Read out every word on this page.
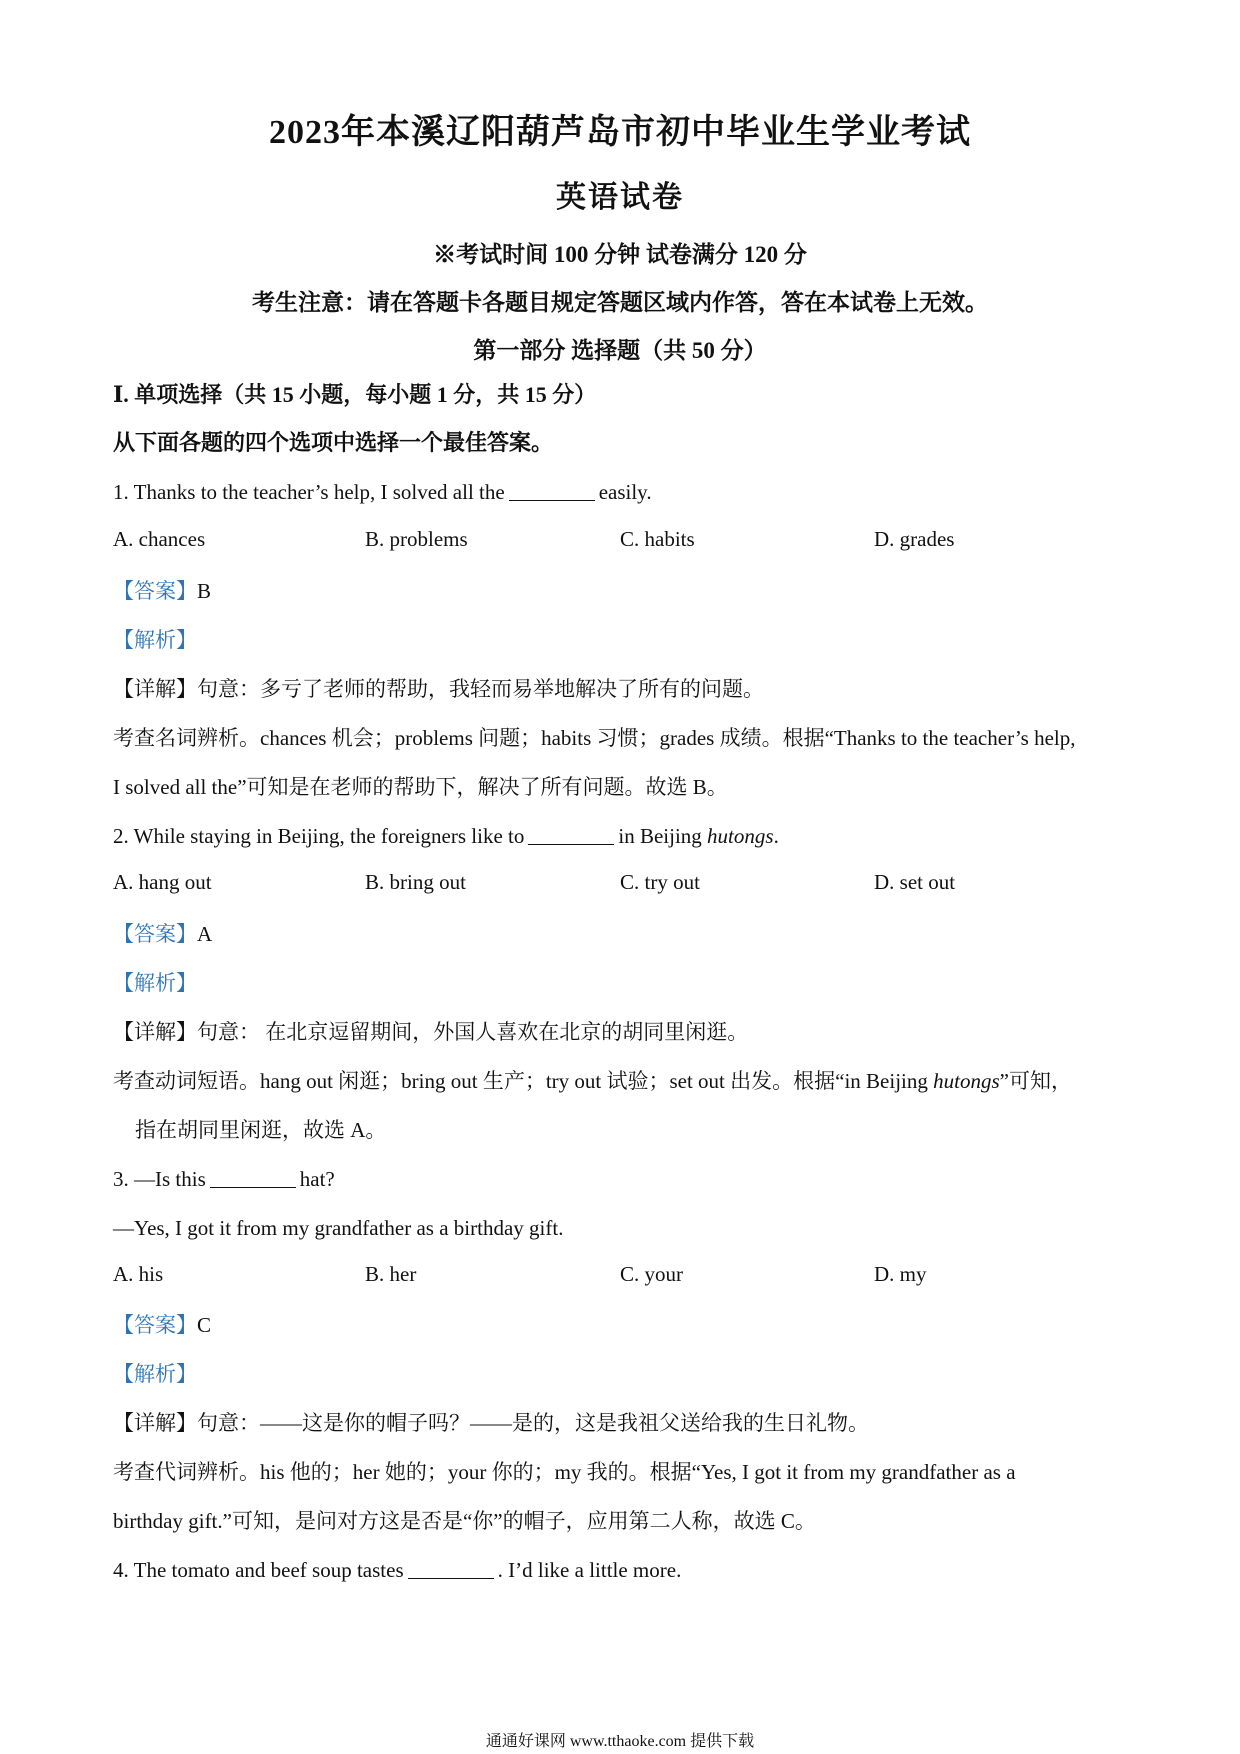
2023年本溪辽阳葫芦岛市初中毕业生学业考试
英语试卷
※考试时间 100 分钟 试卷满分 120 分
考生注意：请在答题卡各题目规定答题区域内作答，答在本试卷上无效。
第一部分 选择题（共 50 分）
Ⅰ. 单项选择（共 15 小题，每小题 1 分，共 15 分）
从下面各题的四个选项中选择一个最佳答案。
1. Thanks to the teacher’s help, I solved all the	easily.
A. chances	B. problems	C. habits	D. grades
【答案】B
【解析】
【详解】句意：多亏了老师的帮助，我轻而易举地解决了所有的问题。
考查名词辨析。chances 机会；problems 问题；habits 习惯；grades 成绩。根据“Thanks to the teacher’s help,
I solved all the”可知是在老师的帮助下，解决了所有问题。故选 B。
2. While staying in Beijing, the foreigners like to	in Beijing hutongs.
A. hang out	B. bring out	C. try out	D. set out
【答案】A
【解析】
【详解】句意： 在北京逗留期间，外国人喜欢在北京的胡同里闲逛。
考查动词短语。hang out 闲逛；bring out 生产；try out 试验；set out 出发。根据“in Beijing hutongs”可知，
指在胡同里闲逛，故选 A。
3. —Is this	hat?
—Yes, I got it from my grandfather as a birthday gift.
A. his	B. her	C. your	D. my
【答案】C
【解析】
【详解】句意：——这是你的帽子吗？——是的，这是我祖父送给我的生日礼物。
考查代词辨析。his 他的；her 她的；your 你的；my 我的。根据“Yes, I got it from my grandfather as a
birthday gift.”可知，是问对方这是否是“你”的帽子，应用第二人称，故选 C。
4. The tomato and beef soup tastes	. I’d like a little more.
通通好课网 www.tthaoke.com 提供下载
